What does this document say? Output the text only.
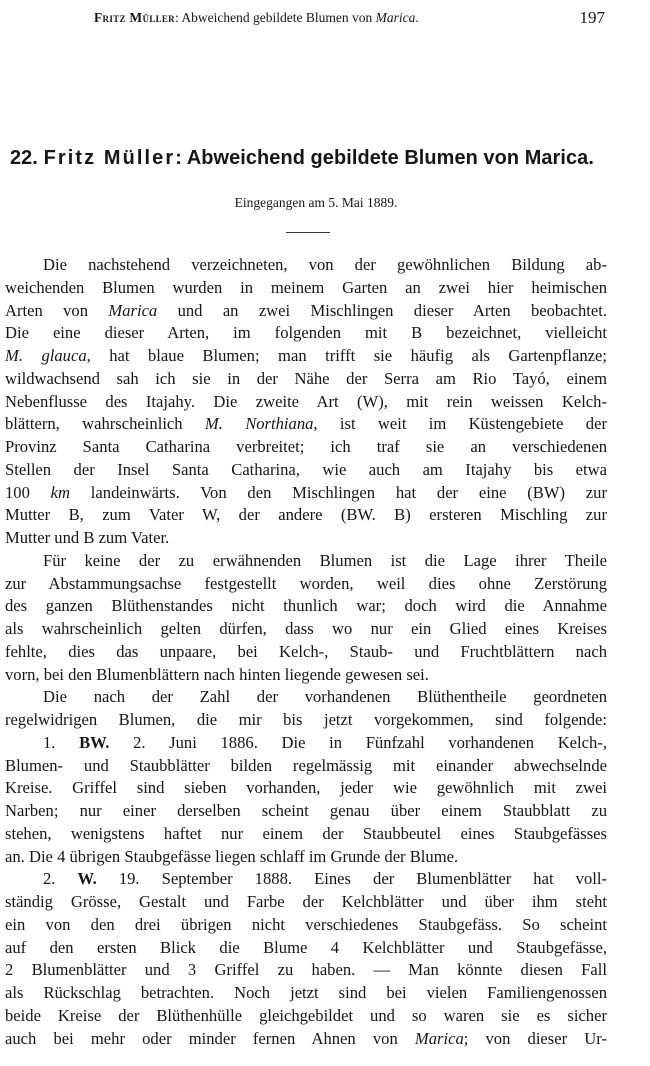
Fritz Müller: Abweichend gebildete Blumen von Marica.	197
22. Fritz Müller: Abweichend gebildete Blumen von Marica.
Eingegangen am 5. Mai 1889.
Die nachstehend verzeichneten, von der gewöhnlichen Bildung ab-
weichenden Blumen wurden in meinem Garten an zwei hier heimischen
Arten von Marica und an zwei Mischlingen dieser Arten beobachtet.
Die eine dieser Arten, im folgenden mit B bezeichnet, vielleicht
M. glauca, hat blaue Blumen; man trifft sie häufig als Gartenpflanze;
wildwachsend sah ich sie in der Nähe der Serra am Rio Tayó, einem
Nebenflusse des Itajahy. Die zweite Art (W), mit rein weissen Kelch-
blättern, wahrscheinlich M. Northiana, ist weit im Küstengebiete der
Provinz Santa Catharina verbreitet; ich traf sie an verschiedenen
Stellen der Insel Santa Catharina, wie auch am Itajahy bis etwa
100 km landeinwärts. Von den Mischlingen hat der eine (BW) zur
Mutter B, zum Vater W, der andere (BW. B) ersteren Mischling zur
Mutter und B zum Vater.
Für keine der zu erwähnenden Blumen ist die Lage ihrer Theile
zur Abstammungsachse festgestellt worden, weil dies ohne Zerstörung
des ganzen Blüthenstandes nicht thunlich war; doch wird die Annahme
als wahrscheinlich gelten dürfen, dass wo nur ein Glied eines Kreises
fehlte, dies das unpaare, bei Kelch-, Staub- und Fruchtblättern nach
vorn, bei den Blumenblättern nach hinten liegende gewesen sei.
Die nach der Zahl der vorhandenen Blüthentheile geordneten
regelwidrigen Blumen, die mir bis jetzt vorgekommen, sind folgende:
1. BW. 2. Juni 1886. Die in Fünfzahl vorhandenen Kelch-,
Blumen- und Staubblätter bilden regelmässig mit einander abwechselnde
Kreise. Griffel sind sieben vorhanden, jeder wie gewöhnlich mit zwei
Narben; nur einer derselben scheint genau über einem Staubblatt zu
stehen, wenigstens haftet nur einem der Staubbeutel eines Staubgefässes
an. Die 4 übrigen Staubgefässe liegen schlaff im Grunde der Blume.
2. W. 19. September 1888. Eines der Blumenblätter hat voll-
ständig Grösse, Gestalt und Farbe der Kelchblätter und über ihm steht
ein von den drei übrigen nicht verschiedenes Staubgefäss. So scheint
auf den ersten Blick die Blume 4 Kelchblätter und Staubgefässe,
2 Blumenblätter und 3 Griffel zu haben. — Man könnte diesen Fall
als Rückschlag betrachten. Noch jetzt sind bei vielen Familiengenossen
beide Kreise der Blüthenhülle gleichgebildet und so waren sie es sicher
auch bei mehr oder minder fernen Ahnen von Marica; von dieser Ur-
